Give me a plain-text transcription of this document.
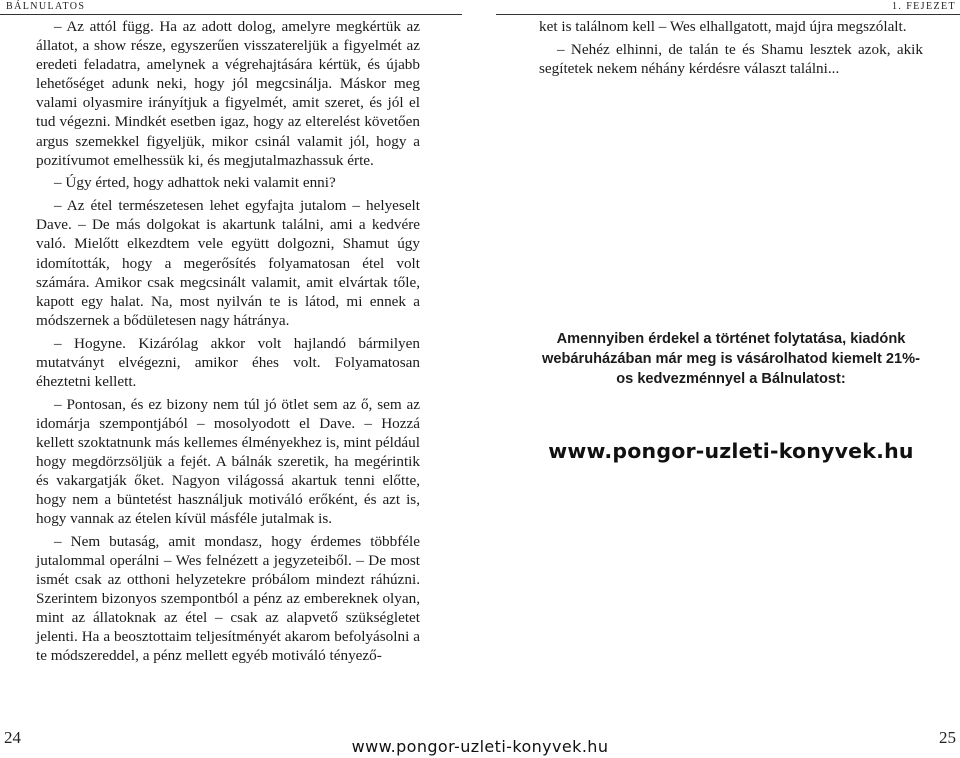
BÁLNULATOS	1. FEJEZET

– Az attól függ. Ha az adott dolog, amelyre megkértük az állatot, a show része, egyszerűen visszatereljük a figyelmét az eredeti feladatra, amelynek a végrehajtására kértük, és újabb lehetőséget adunk neki, hogy jól megcsinálja. Máskor meg valami olyasmire irányítjuk a figyelmét, amit szeret, és jól el tud végezni. Mindkét esetben igaz, hogy az elterelést követően argus szemekkel figyeljük, mikor csinál valamit jól, hogy a pozitívumot emelhessük ki, és megjutalmazhassuk érte.

– Úgy érted, hogy adhattok neki valamit enni?

– Az étel természetesen lehet egyfajta jutalom – helyeselt Dave. – De más dolgokat is akartunk találni, ami a kedvére való. Mielőtt elkezdtem vele együtt dolgozni, Shamut úgy idomították, hogy a megerősítés folyamatosan étel volt számára. Amikor csak megcsinált valamit, amit elvártak tőle, kapott egy halat. Na, most nyilván te is látod, mi ennek a módszernek a bődületesen nagy hátránya.

– Hogyne. Kizárólag akkor volt hajlandó bármilyen mutatványt elvégezni, amikor éhes volt. Folyamatosan éheztetni kellett.

– Pontosan, és ez bizony nem túl jó ötlet sem az ő, sem az idomárja szempontjából – mosolyodott el Dave. – Hozzá kellett szoktatnunk más kellemes élményekhez is, mint például hogy megdörzsöljük a fejét. A bálnák szeretik, ha megérintik és vakargatják őket. Nagyon világossá akartuk tenni előtte, hogy nem a büntetést használjuk motiváló erőként, és azt is, hogy vannak az ételen kívül másféle jutalmak is.

– Nem butaság, amit mondasz, hogy érdemes többféle jutalommal operálni – Wes felnézett a jegyzeteiből. – De most ismét csak az otthoni helyzetekre próbálom mindezt ráhúzni. Szerintem bizonyos szempontból a pénz az embereknek olyan, mint az állatoknak az étel – csak az alapvető szükségletet jelenti. Ha a beosztottaim teljesítményét akarom befolyásolni a te módszereddel, a pénz mellett egyéb motiváló tényező-

ket is találnom kell – Wes elhallgatott, majd újra megszólalt.

– Nehéz elhinni, de talán te és Shamu lesztek azok, akik segítetek nekem néhány kérdésre választ találni...

Amennyiben érdekel a történet folytatása, kiadónk webáruházában már meg is vásárolhatod kiemelt 21%-os kedvezménnyel a Bálnulatost:
www.pongor-uzleti-konyvek.hu
24	25
www.pongor-uzleti-konyvek.hu
